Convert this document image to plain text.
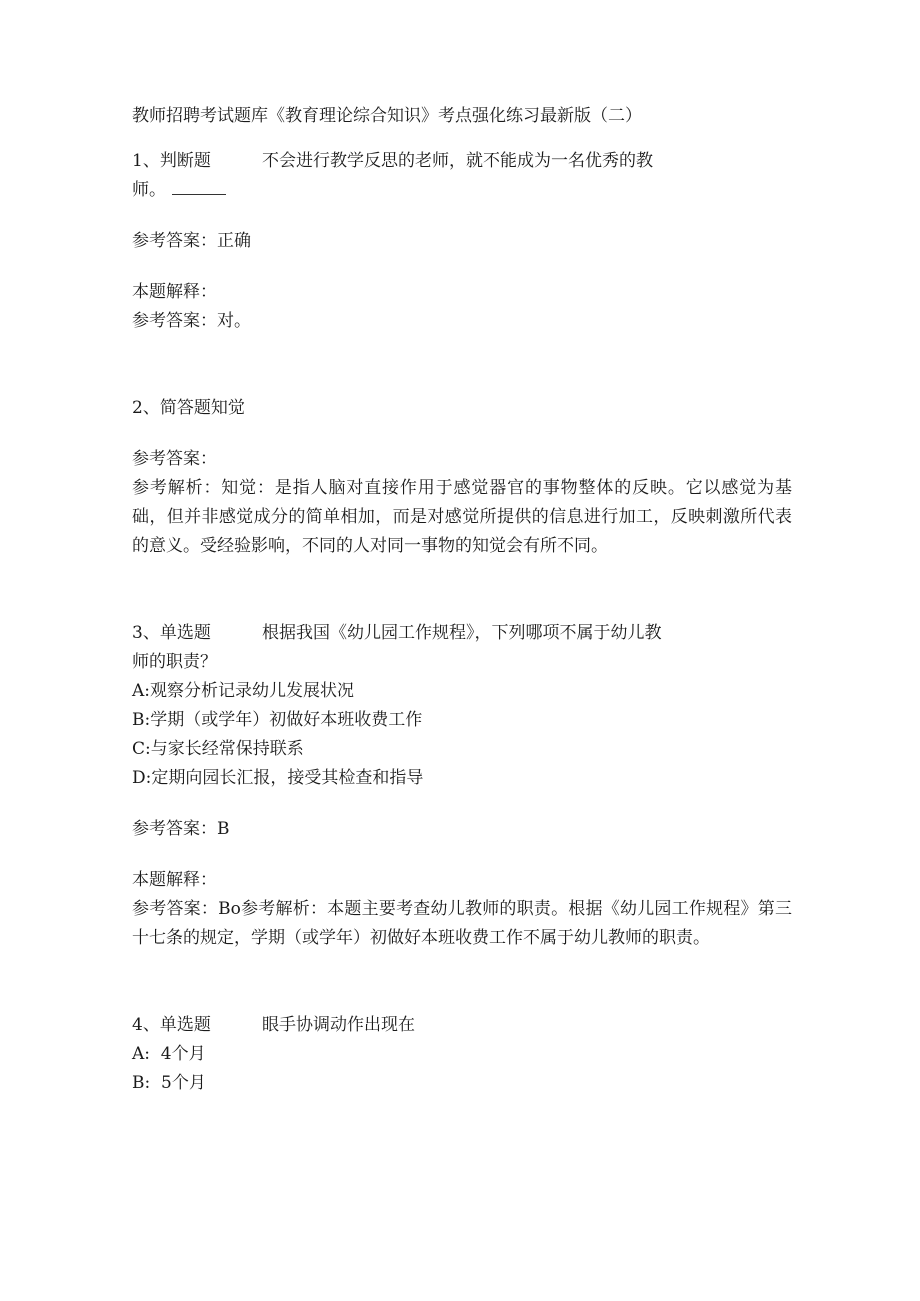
教师招聘考试题库《教育理论综合知识》考点强化练习最新版（二）
1、判断题	不会进行教学反思的老师，就不能成为一名优秀的教
师。
参考答案：正确
本题解释：
参考答案：对。
2、简答题知觉
参考答案：
参考解析：知觉：是指人脑对直接作用于感觉器官的事物整体的反映。它以感觉为基础，但并非感觉成分的简单相加，而是对感觉所提供的信息进行加工，反映刺激所代表的意义。受经验影响，不同的人对同一事物的知觉会有所不同。
3、单选题	根据我国《幼儿园工作规程》，下列哪项不属于幼儿教
师的职责？
A:观察分析记录幼儿发展状况
B:学期（或学年）初做好本班收费工作
C:与家长经常保持联系
D:定期向园长汇报，接受其检查和指导
参考答案：B
本题解释：
参考答案：Bo参考解析：本题主要考查幼儿教师的职责。根据《幼儿园工作规程》第三十七条的规定，学期（或学年）初做好本班收费工作不属于幼儿教师的职责。
4、单选题	眼手协调动作出现在
A:  4个月
B:  5个月
